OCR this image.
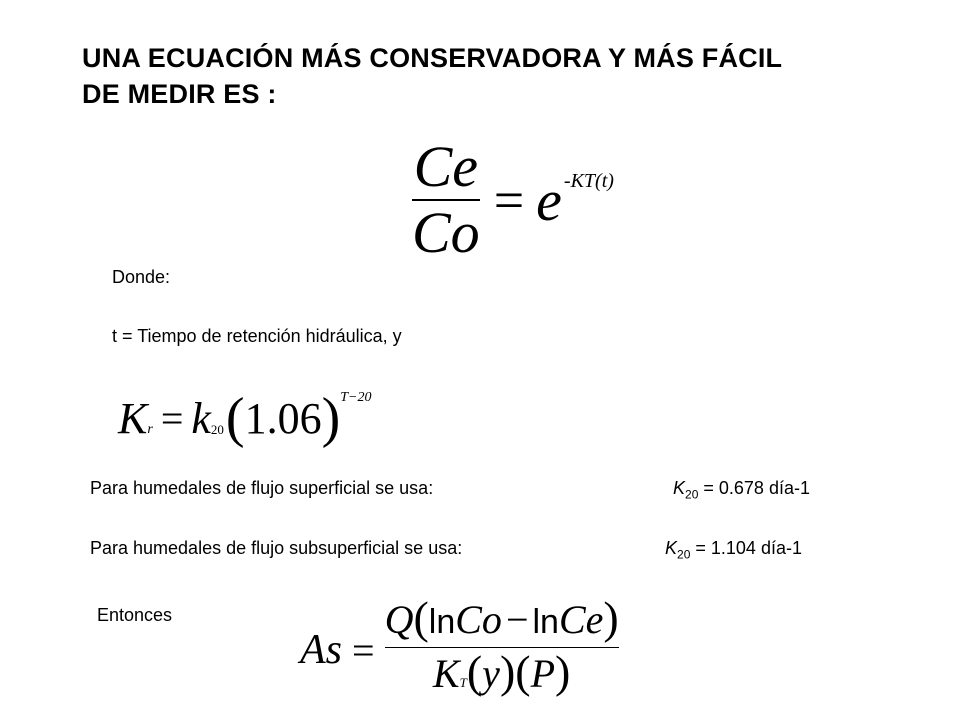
UNA ECUACIÓN MÁS CONSERVADORA Y MÁS FÁCIL
DE MEDIR ES :
$\frac{Ce}{Co} = e$ -KT(t)
Donde:
t = Tiempo de retención hidráulica, y
K r = k 20 ( 1.06 ) T−20
Para humedales de flujo superficial se usa:	$K_{20} = 0.678$ día-1
Para humedales de flujo subsuperficial se usa:	$K_{20} = 1.104$ día-1
Entonces
$As = \frac{\text{Q(lnCo − lnCe)}}{KT(y)(P)}$
